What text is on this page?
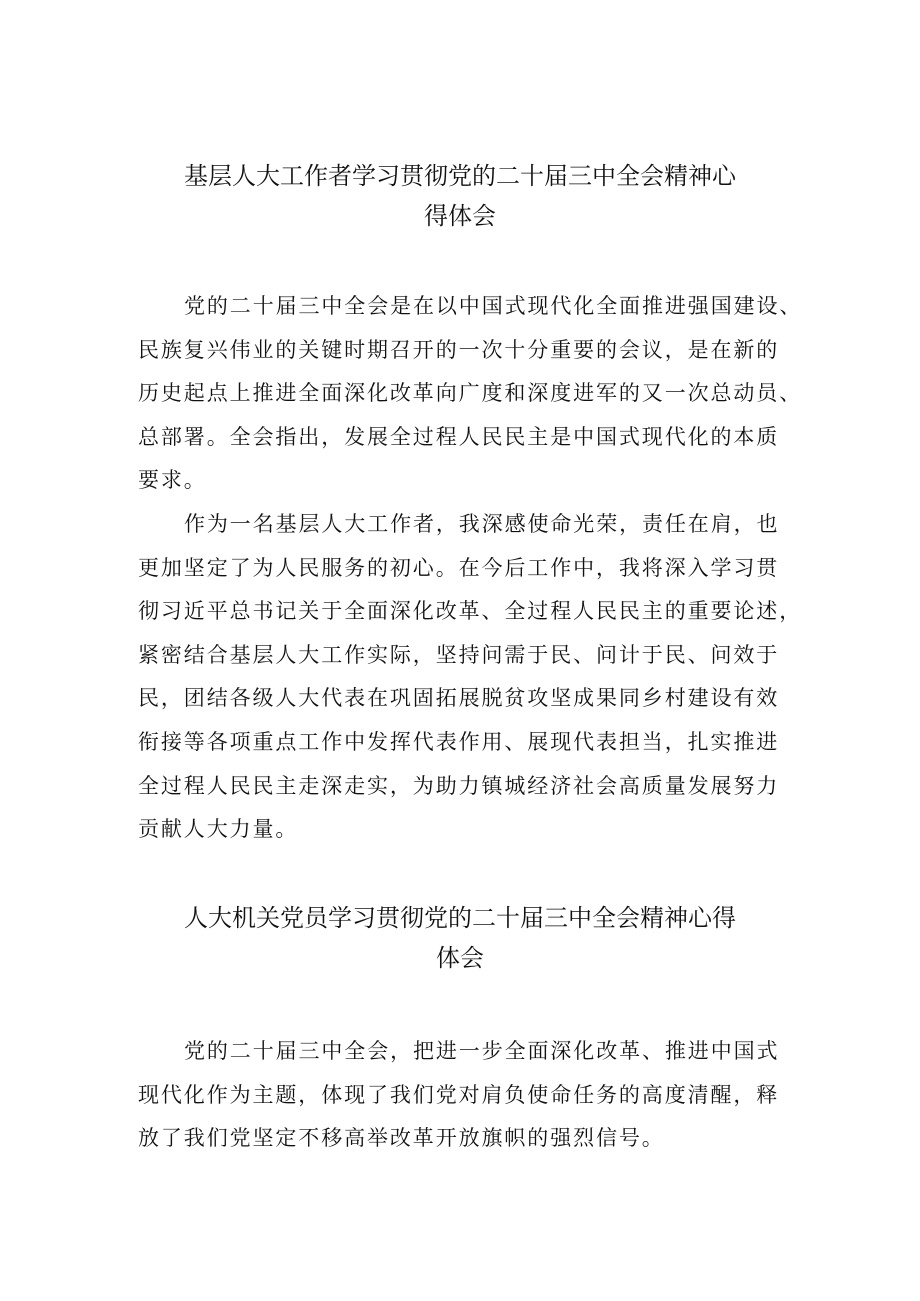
基层人大工作者学习贯彻党的二十届三中全会精神心
得体会

党的二十届三中全会是在以中国式现代化全面推进强国建设、
民族复兴伟业的关键时期召开的一次十分重要的会议，是在新的
历史起点上推进全面深化改革向广度和深度进军的又一次总动员、
总部署。全会指出，发展全过程人民民主是中国式现代化的本质
要求。

作为一名基层人大工作者，我深感使命光荣，责任在肩，也
更加坚定了为人民服务的初心。在今后工作中，我将深入学习贯
彻习近平总书记关于全面深化改革、全过程人民民主的重要论述，
紧密结合基层人大工作实际，坚持问需于民、问计于民、问效于
民，团结各级人大代表在巩固拓展脱贫攻坚成果同乡村建设有效
衔接等各项重点工作中发挥代表作用、展现代表担当，扎实推进
全过程人民民主走深走实，为助力镇城经济社会高质量发展努力
贡献人大力量。

人大机关党员学习贯彻党的二十届三中全会精神心得
体会

党的二十届三中全会，把进一步全面深化改革、推进中国式
现代化作为主题，体现了我们党对肩负使命任务的高度清醒，释
放了我们党坚定不移高举改革开放旗帜的强烈信号。
